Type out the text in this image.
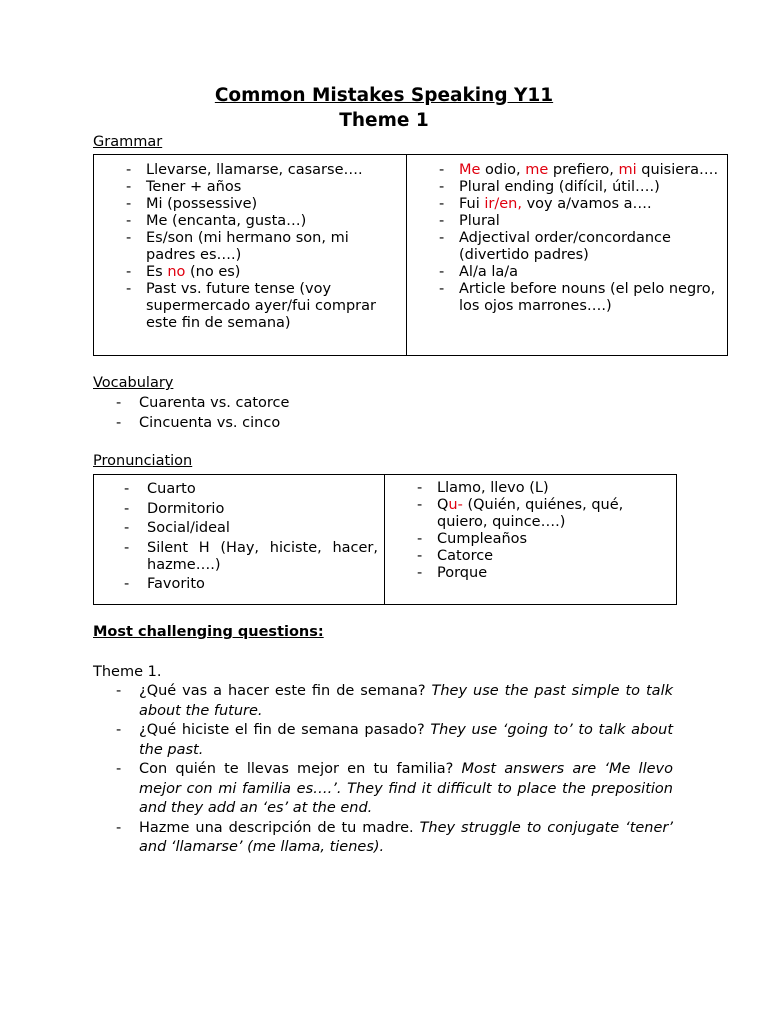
Common Mistakes Speaking Y11
Theme 1
Grammar
- Llevarse, llamarse, casarse….
- Tener + años
- Mi (possessive)
- Me (encanta, gusta…)
- Es/son (mi hermano son, mi padres es….)
- Es no (no es)
- Past vs. future tense (voy supermercado ayer/fui comprar este fin de semana)

- Me odio, me prefiero, mi quisiera….
- Plural ending (difícil, útil….)
- Fui ir/en, voy a/vamos a….
- Plural
- Adjectival order/concordance (divertido padres)
- Al/a la/a
- Article before nouns (el pelo negro, los ojos marrones….)
Vocabulary
- Cuarenta vs. catorce
- Cincuenta vs. cinco
Pronunciation
- Cuarto
- Dormitorio
- Social/ideal
- Silent H (Hay, hiciste, hacer, hazme….)
- Favorito

- Llamo, llevo (L)
- Qu- (Quién, quiénes, qué, quiero, quince….)
- Cumpleaños
- Catorce
- Porque
Most challenging questions:
Theme 1.
- ¿Qué vas a hacer este fin de semana? They use the past simple to talk about the future.
- ¿Qué hiciste el fin de semana pasado? They use ‘going to’ to talk about the past.
- Con quién te llevas mejor en tu familia? Most answers are ‘Me llevo mejor con mi familia es….’. They find it difficult to place the preposition and they add an ‘es’ at the end.
- Hazme una descripción de tu madre. They struggle to conjugate ‘tener’ and ‘llamarse’ (me llama, tienes).
